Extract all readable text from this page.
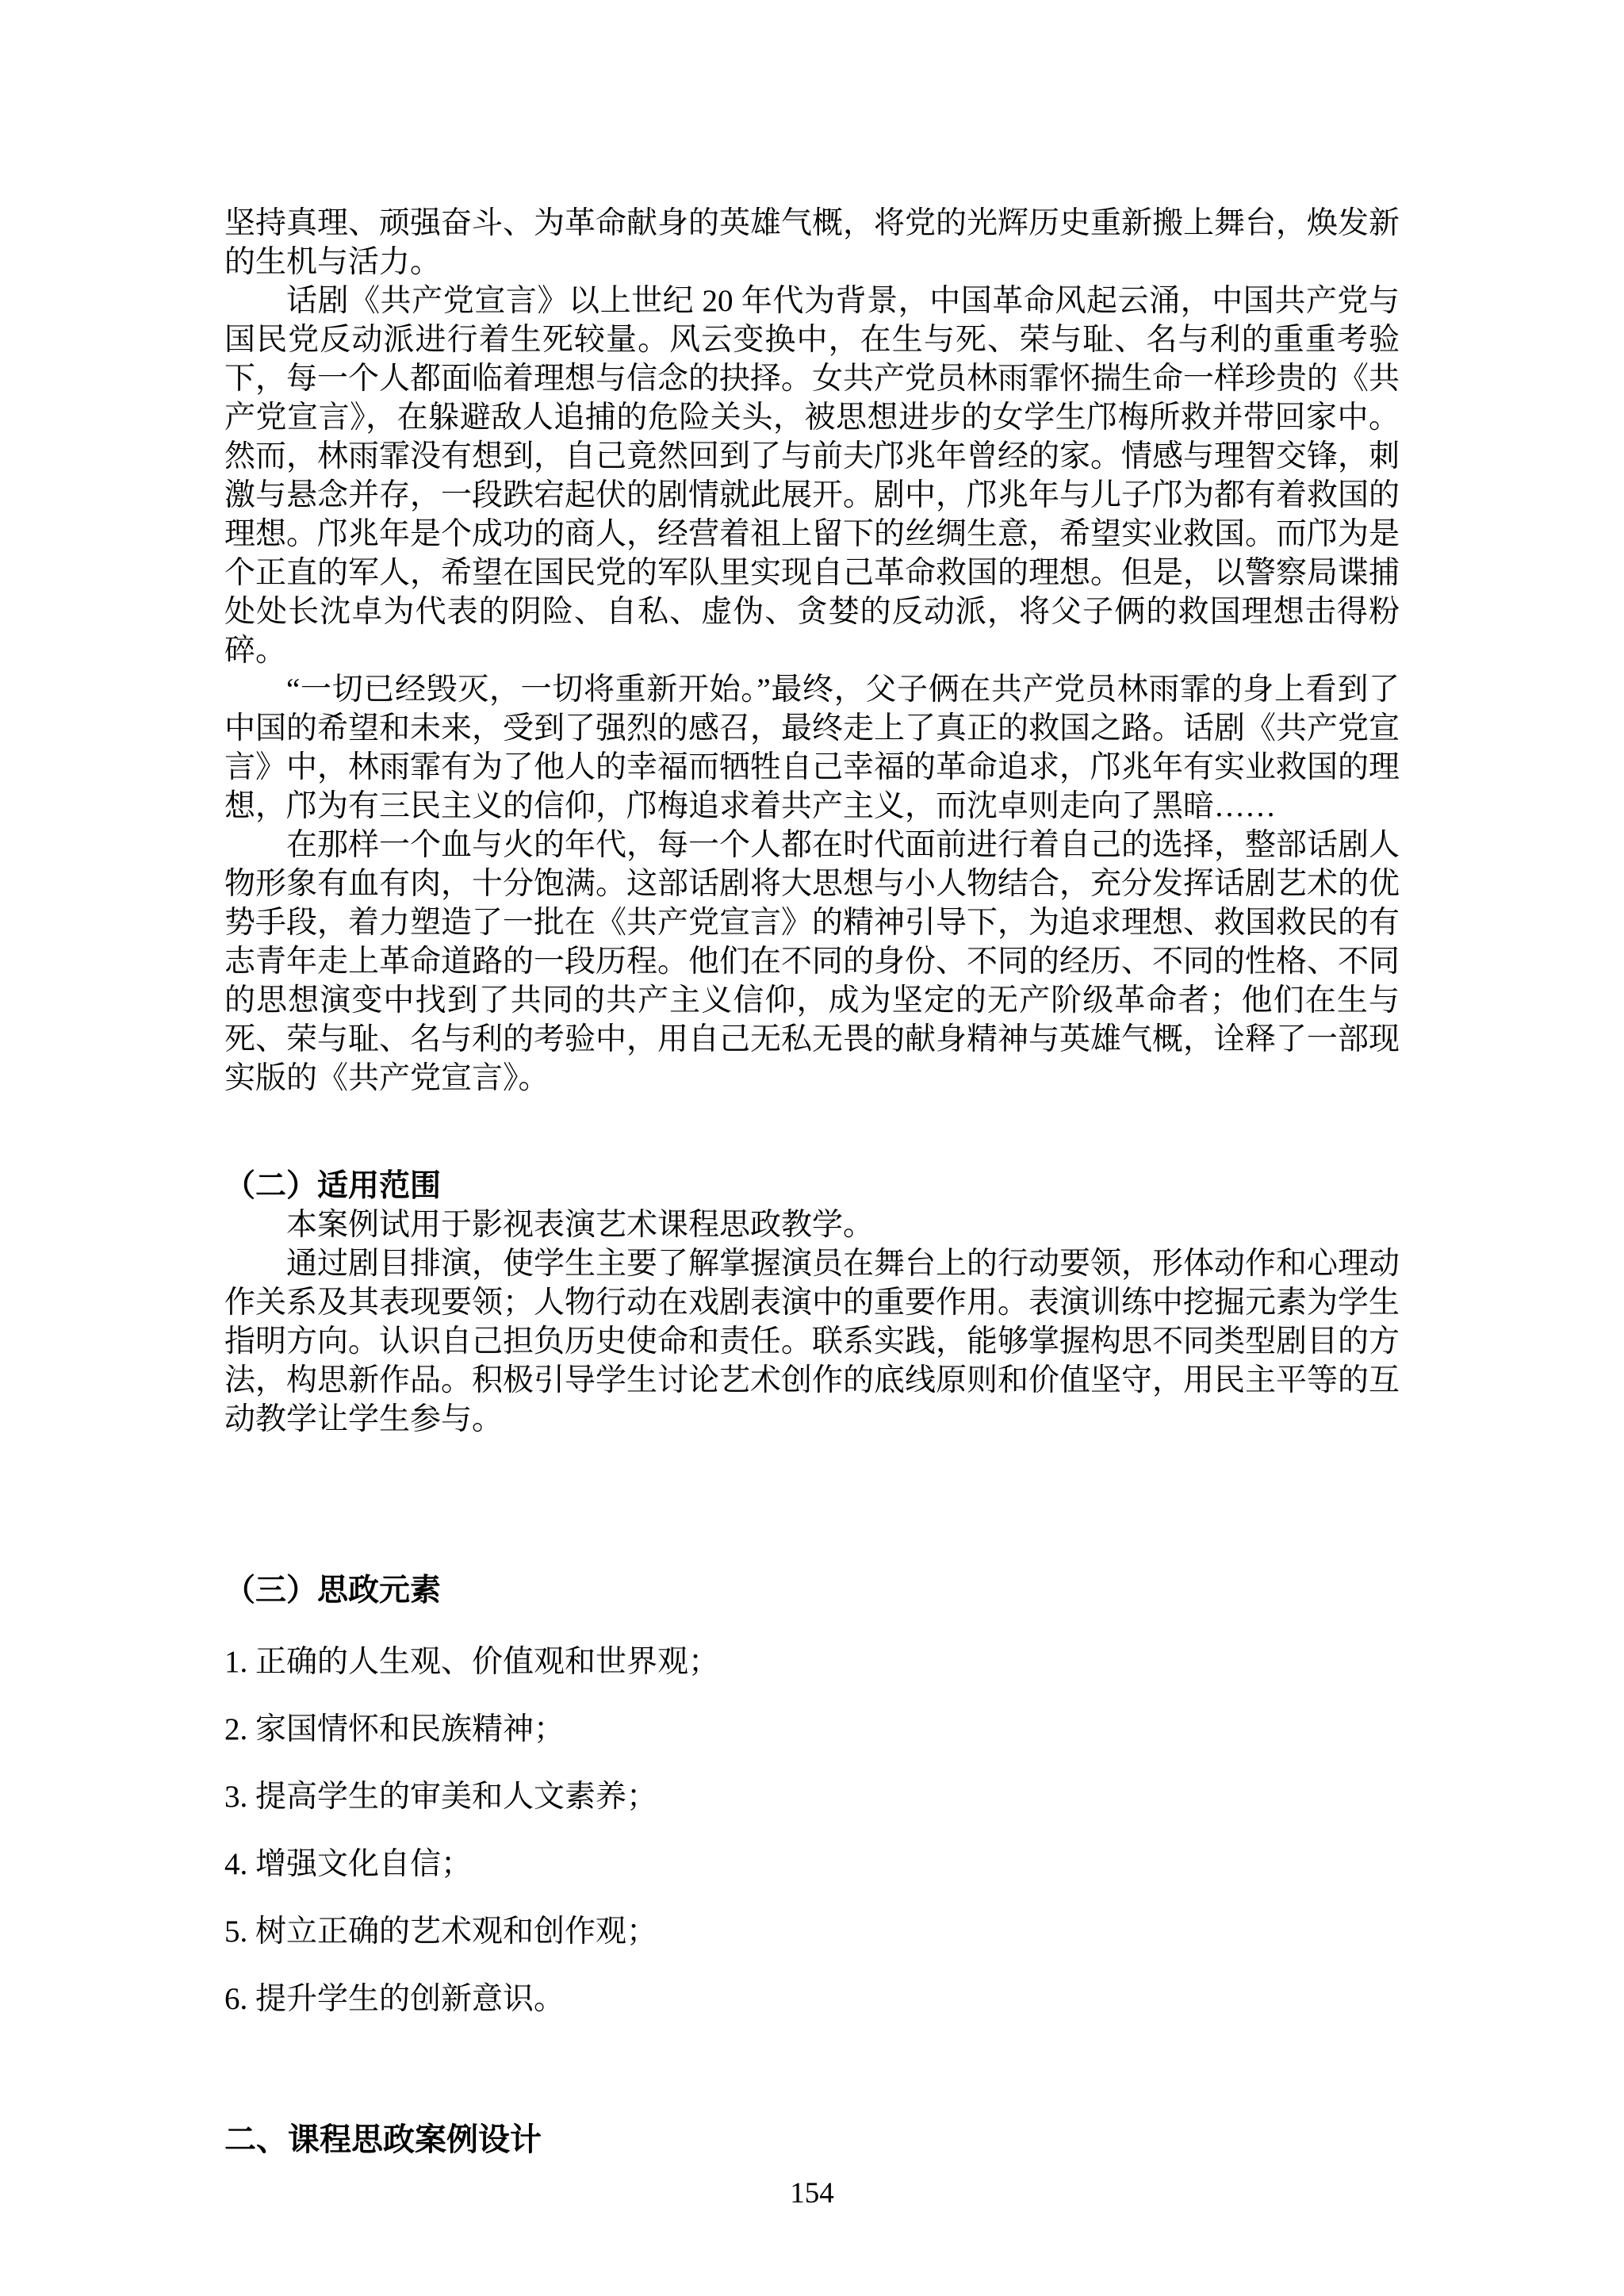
坚持真理、顽强奋斗、为革命献身的英雄气概，将党的光辉历史重新搬上舞台，焕发新的生机与活力。

话剧《共产党宣言》以上世纪 20 年代为背景，中国革命风起云涌，中国共产党与国民党反动派进行着生死较量。风云变换中，在生与死、荣与耻、名与利的重重考验下，每一个人都面临着理想与信念的抉择。女共产党员林雨霏怀揣生命一样珍贵的《共产党宣言》，在躲避敌人追捕的危险关头，被思想进步的女学生邝梅所救并带回家中。然而，林雨霏没有想到，自己竟然回到了与前夫邝兆年曾经的家。情感与理智交锋，刺激与悬念并存，一段跌宕起伏的剧情就此展开。剧中，邝兆年与儿子邝为都有着救国的理想。邝兆年是个成功的商人，经营着祖上留下的丝绸生意，希望实业救国。而邝为是个正直的军人，希望在国民党的军队里实现自己革命救国的理想。但是，以警察局谍捕处处长沈卓为代表的阴险、自私、虚伪、贪婪的反动派，将父子俩的救国理想击得粉碎。

“一切已经毁灭，一切将重新开始。”最终，父子俩在共产党员林雨霏的身上看到了中国的希望和未来，受到了强烈的感召，最终走上了真正的救国之路。话剧《共产党宣言》中，林雨霏有为了他人的幸福而牺牲自己幸福的革命追求，邝兆年有实业救国的理想，邝为有三民主义的信仰，邝梅追求着共产主义，而沈卓则走向了黑暗……

在那样一个血与火的年代，每一个人都在时代面前进行着自己的选择，整部话剧人物形象有血有肉，十分饱满。这部话剧将大思想与小人物结合，充分发挥话剧艺术的优势手段，着力塑造了一批在《共产党宣言》的精神引导下，为追求理想、救国救民的有志青年走上革命道路的一段历程。他们在不同的身份、不同的经历、不同的性格、不同的思想演变中找到了共同的共产主义信仰，成为坚定的无产阶级革命者；他们在生与死、荣与耻、名与利的考验中，用自己无私无畏的献身精神与英雄气概，诠释了一部现实版的《共产党宣言》。

（二）适用范围

本案例试用于影视表演艺术课程思政教学。

通过剧目排演，使学生主要了解掌握演员在舞台上的行动要领，形体动作和心理动作关系及其表现要领；人物行动在戏剧表演中的重要作用。表演训练中挖掘元素为学生指明方向。认识自己担负历史使命和责任。联系实践，能够掌握构思不同类型剧目的方法，构思新作品。积极引导学生讨论艺术创作的底线原则和价值坚守，用民主平等的互动教学让学生参与。

（三）思政元素
1. 正确的人生观、价值观和世界观；
2. 家国情怀和民族精神；
3. 提高学生的审美和人文素养；
4. 增强文化自信；
5. 树立正确的艺术观和创作观；
6. 提升学生的创新意识。
二、课程思政案例设计
154
